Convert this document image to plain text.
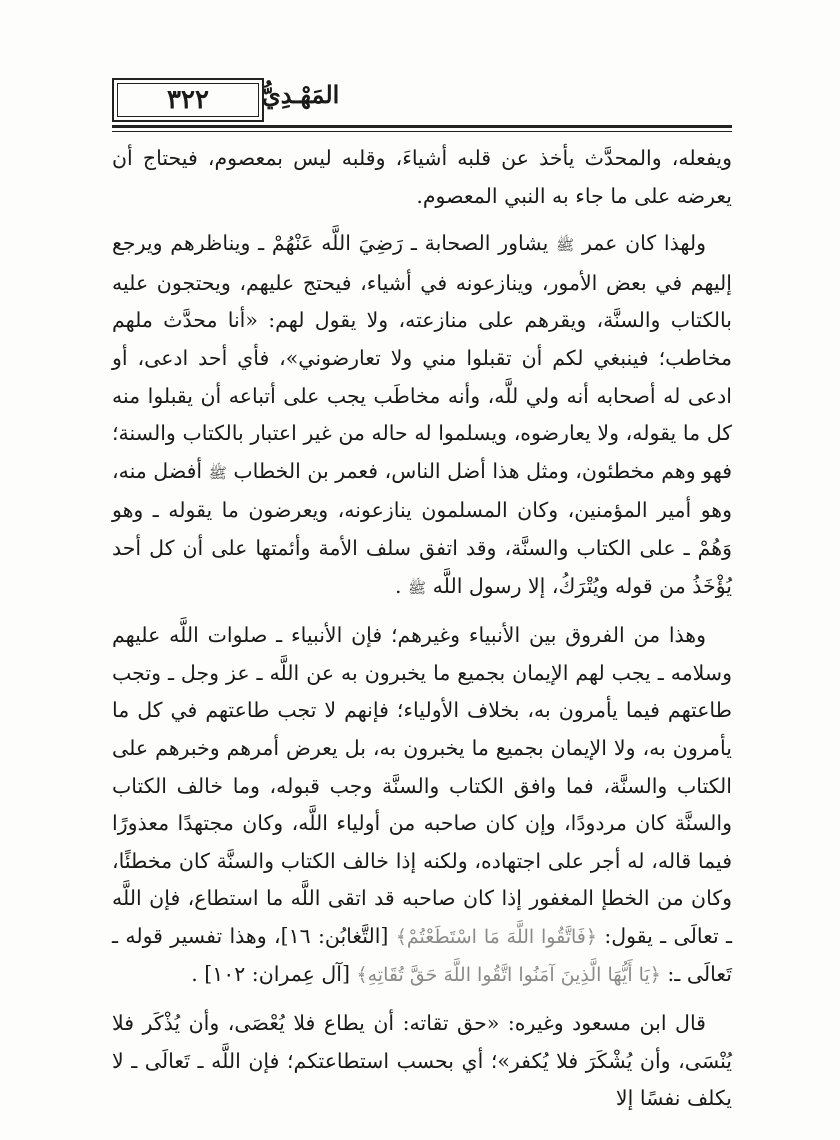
٣٢٢ المَهْـدِيُّ

ويفعله، والمحدَّث يأخذ عن قلبه أشياءَ، وقلبه ليس بمعصوم، فيحتاج أن يعرضه على ما جاء به النبي المعصوم.

ولهذا كان عمر ﷺ يشاور الصحابة ـ رَضِيَ اللَّه عَنْهُمْ ـ ويناظرهم ويرجع إليهم في بعض الأمور، وينازعونه في أشياء، فيحتج عليهم، ويحتجون عليه بالكتاب والسنَّة، ويقرهم على منازعته، ولا يقول لهم: «أنا محدَّث ملهم مخاطب؛ فينبغي لكم أن تقبلوا مني ولا تعارضوني»، فأي أحد ادعى، أو ادعى له أصحابه أنه ولي للَّه، وأنه مخاطَب يجب على أتباعه أن يقبلوا منه كل ما يقوله، ولا يعارضوه، ويسلموا له حاله من غير اعتبار بالكتاب والسنة؛ فهو وهم مخطئون، ومثل هذا أضل الناس، فعمر بن الخطاب ﷺ أفضل منه، وهو أمير المؤمنين، وكان المسلمون ينازعونه، ويعرضون ما يقوله ـ وهو وَهُمْ ـ على الكتاب والسنَّة، وقد اتفق سلف الأمة وأئمتها على أن كل أحد يُؤْخَذُ من قوله ويُتْرَكُ، إلا رسول اللَّه ﷺ .

وهذا من الفروق بين الأنبياء وغيرهم؛ فإن الأنبياء ـ صلوات اللَّه عليهم وسلامه ـ يجب لهم الإيمان بجميع ما يخبرون به عن اللَّه ـ عز وجل ـ وتجب طاعتهم فيما يأمرون به، بخلاف الأولياء؛ فإنهم لا تجب طاعتهم في كل ما يأمرون به، ولا الإيمان بجميع ما يخبرون به، بل يعرض أمرهم وخبرهم على الكتاب والسنَّة، فما وافق الكتاب والسنَّة وجب قبوله، وما خالف الكتاب والسنَّة كان مردودًا، وإن كان صاحبه من أولياء اللَّه، وكان مجتهدًا معذورًا فيما قاله، له أجر على اجتهاده، ولكنه إذا خالف الكتاب والسنَّة كان مخطئًا، وكان من الخطإ المغفور إذا كان صاحبه قد اتقى اللَّه ما استطاع، فإن اللَّه ـ تعالَى ـ يقول: ﴿فَاتَّقُوا اللَّهَ مَا اسْتَطَعْتُمْ﴾ [التَّغابُن: ١٦]، وهذا تفسير قوله ـ تَعالَى ـ: ﴿يَا أَيُّهَا الَّذِينَ آمَنُوا اتَّقُوا اللَّهَ حَقَّ تُقَاتِهِ﴾ [آل عِمران: ١٠٢] .

قال ابن مسعود وغيره: «حق تقاته: أن يطاع فلا يُعْصَى، وأن يُذْكَر فلا يُنْسَى، وأن يُشْكَرَ فلا يُكفر»؛ أي بحسب استطاعتكم؛ فإن اللَّه ـ تَعالَى ـ لا يكلف نفسًا إلا
